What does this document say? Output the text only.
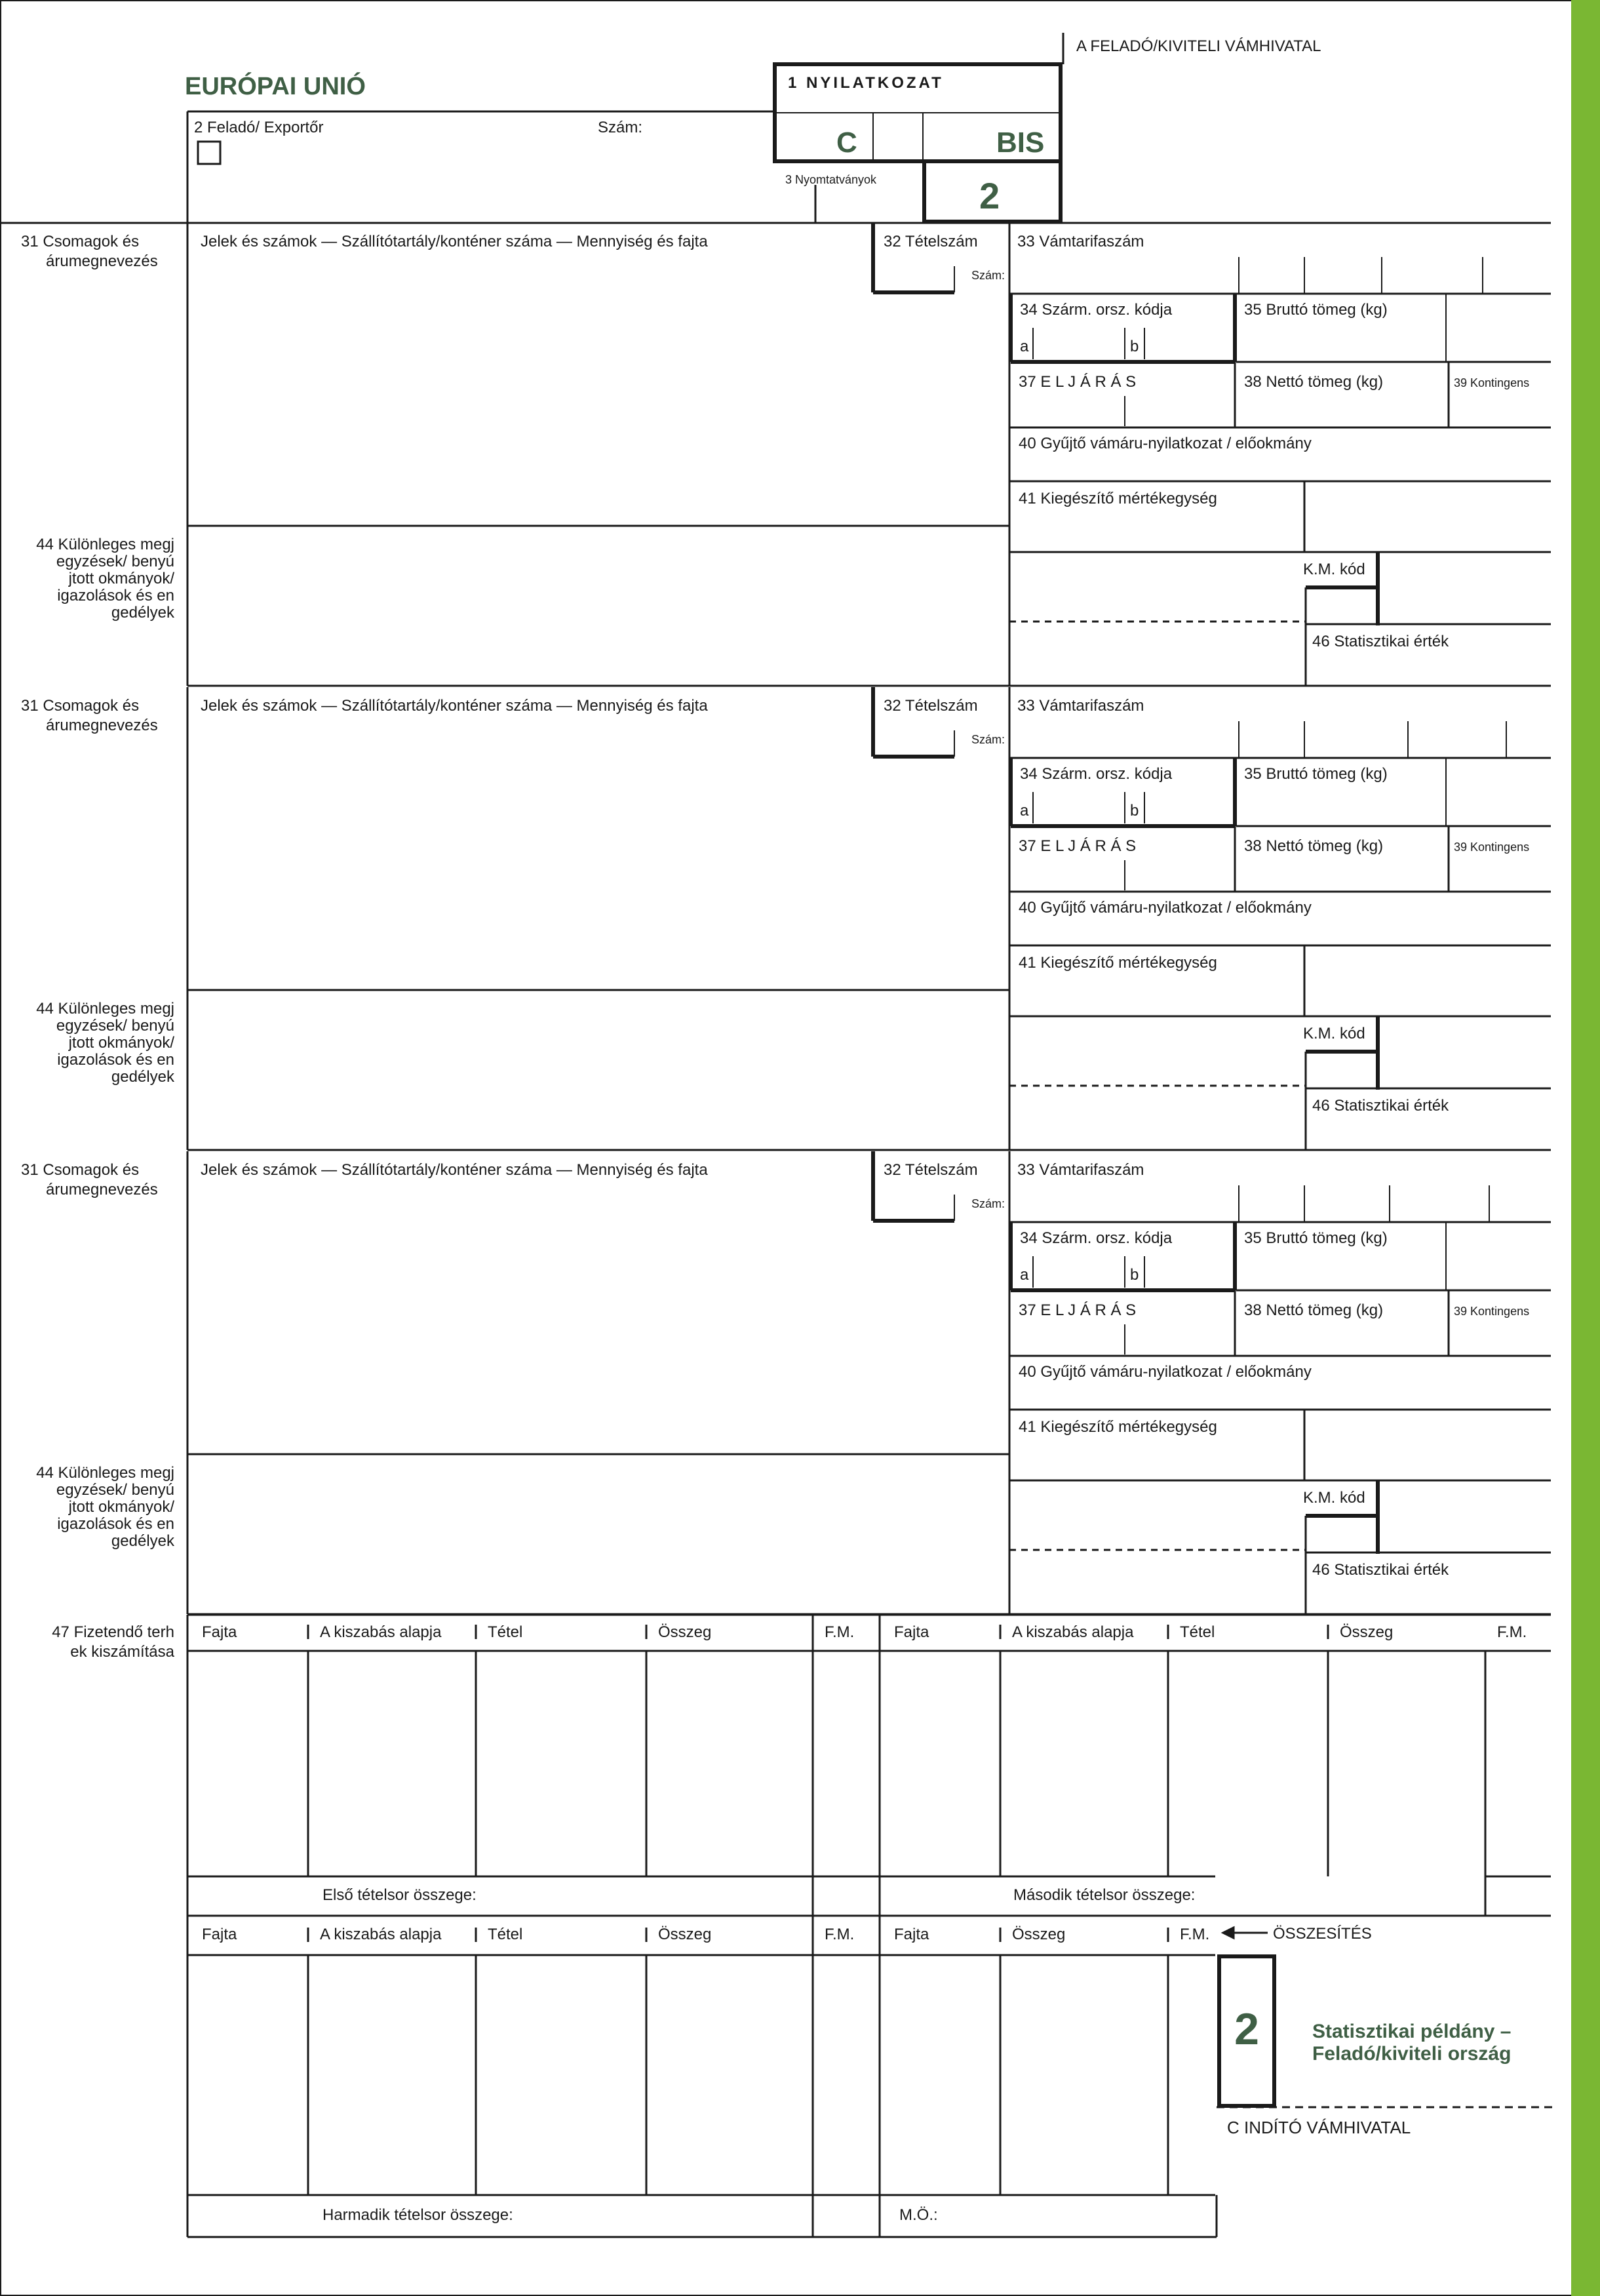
31 Csomagok és
árumegnevezés
Jelek és számok — Szállítótartály/konténer száma — Mennyiség és fajta	32 Tételszám
Szám:
33 Vámtarifaszám
34 Szárm. orsz. kódja
a	b
35 Bruttó tömeg (kg)
37 E L J Á R Á S	38 Nettó tömeg (kg)	39 Kontingens
40 Gyűjtő vámáru-nyilatkozat / előokmány
41 Kiegészítő mértékegység
K.M. kód
46 Statisztikai érték
44 Különleges megj
egyzések/ benyú
jtott okmányok/
igazolások és en
gedélyek
31 Csomagok és
árumegnevezés
Jelek és számok — Szállítótartály/konténer száma — Mennyiség és fajta	32 Tételszám
Szám:
33 Vámtarifaszám
34 Szárm. orsz. kódja
a	b
35 Bruttó tömeg (kg)
37 E L J Á R Á S	38 Nettó tömeg (kg)	39 Kontingens
40 Gyűjtő vámáru-nyilatkozat / előokmány
41 Kiegészítő mértékegység
K.M. kód
46 Statisztikai érték
44 Különleges megj
egyzések/ benyú
jtott okmányok/
igazolások és en
gedélyek
31 Csomagok és
árumegnevezés
Jelek és számok — Szállítótartály/konténer száma — Mennyiség és fajta	32 Tételszám
Szám:
33 Vámtarifaszám
34 Szárm. orsz. kódja
a	b
35 Bruttó tömeg (kg)
37 E L J Á R Á S	38 Nettó tömeg (kg)	39 Kontingens
40 Gyűjtő vámáru-nyilatkozat / előokmány
41 Kiegészítő mértékegység
K.M. kód
46 Statisztikai érték
44 Különleges megj
egyzések/ benyú
jtott okmányok/
igazolások és en
gedélyek
EURÓPAI UNIÓ
A FELADÓ/KIVITELI VÁMHIVATAL
2 Feladó/ Exportőr	Szám:
1 NYILATKOZAT
C	BIS
3 Nyomtatványok	2
47 Fizetendő terh
ek kiszámítása
Fajta	A kiszabás alapja	Tétel	Összeg	F.M.	Fajta	A kiszabás alapja	Tétel	Összeg	F.M.
Első tételsor összege:	Második tételsor összege:
Fajta	A kiszabás alapja	Tétel	Összeg	F.M.	Fajta	Összeg	F.M.	ÖSSZESÍTÉS
2	Statisztikai példány –
Feladó/kiviteli ország
C INDÍTÓ VÁMHIVATAL
Harmadik tételsor összege:	M.Ö.:
